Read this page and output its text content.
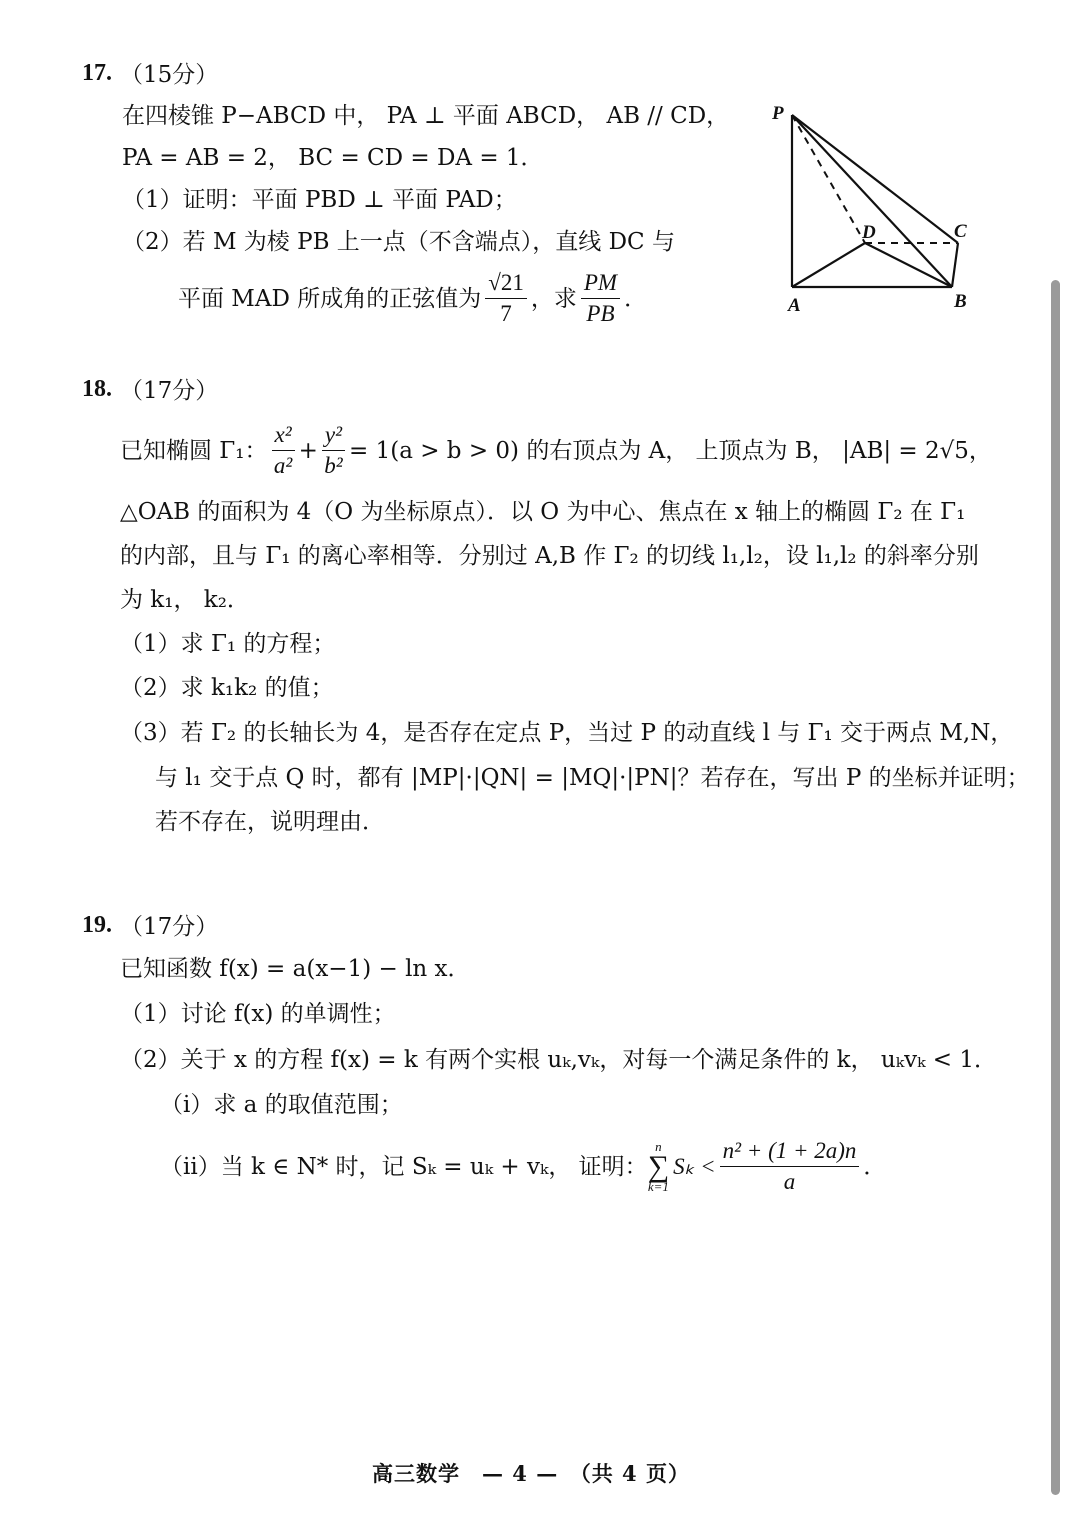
17. （15分）
在四棱锥 P−ABCD 中， PA ⊥ 平面 ABCD， AB // CD，
PA = AB = 2， BC = CD = DA = 1．
（1）证明：平面 PBD ⊥ 平面 PAD；
（2）若 M 为棱 PB 上一点（不含端点），直线 DC 与
平面 MAD 所成角的正弦值为 $\frac{√21}{7}$ ，求 $\frac{PM}{PB}$ ．
P
D	C
A	B
18. （17分）
已知椭圆 Γ₁： $\frac{\text{x²}}{\text{a²}} + \frac{\text{y²}}{\text{b²}} = 1(a > b > 0)$ 的右顶点为 A， 上顶点为 B， |AB| = 2√5，
△OAB 的面积为 4（O 为坐标原点）．以 O 为中心、焦点在 x 轴上的椭圆 Γ₂ 在 Γ₁
的内部，且与 Γ₁ 的离心率相等．分别过 A,B 作 Γ₂ 的切线 l₁,l₂，设 l₁,l₂ 的斜率分别
为 k₁， k₂．
（1）求 Γ₁ 的方程；
（2）求 k₁k₂ 的值；
（3）若 Γ₂ 的长轴长为 4，是否存在定点 P，当过 P 的动直线 l 与 Γ₁ 交于两点 M,N，
与 l₁ 交于点 Q 时，都有 |MP|·|QN| = |MQ|·|PN|？若存在，写出 P 的坐标并证明；
若不存在，说明理由．
19. （17分）
已知函数 f(x) = a(x−1) − ln x．
（1）讨论 f(x) 的单调性；
（2）关于 x 的方程 f(x) = k 有两个实根 uₖ,vₖ，对每一个满足条件的 k， uₖvₖ < 1．
（i）求 a 的取值范围；
（ii）当 k ∈ N* 时，记 Sₖ = uₖ + vₖ， 证明：
n
∑
k=1
$S_k < \frac{\text{n² + (1 + 2a)n}}{a}$ ．
高三数学　— 4 —　（共 4 页）
